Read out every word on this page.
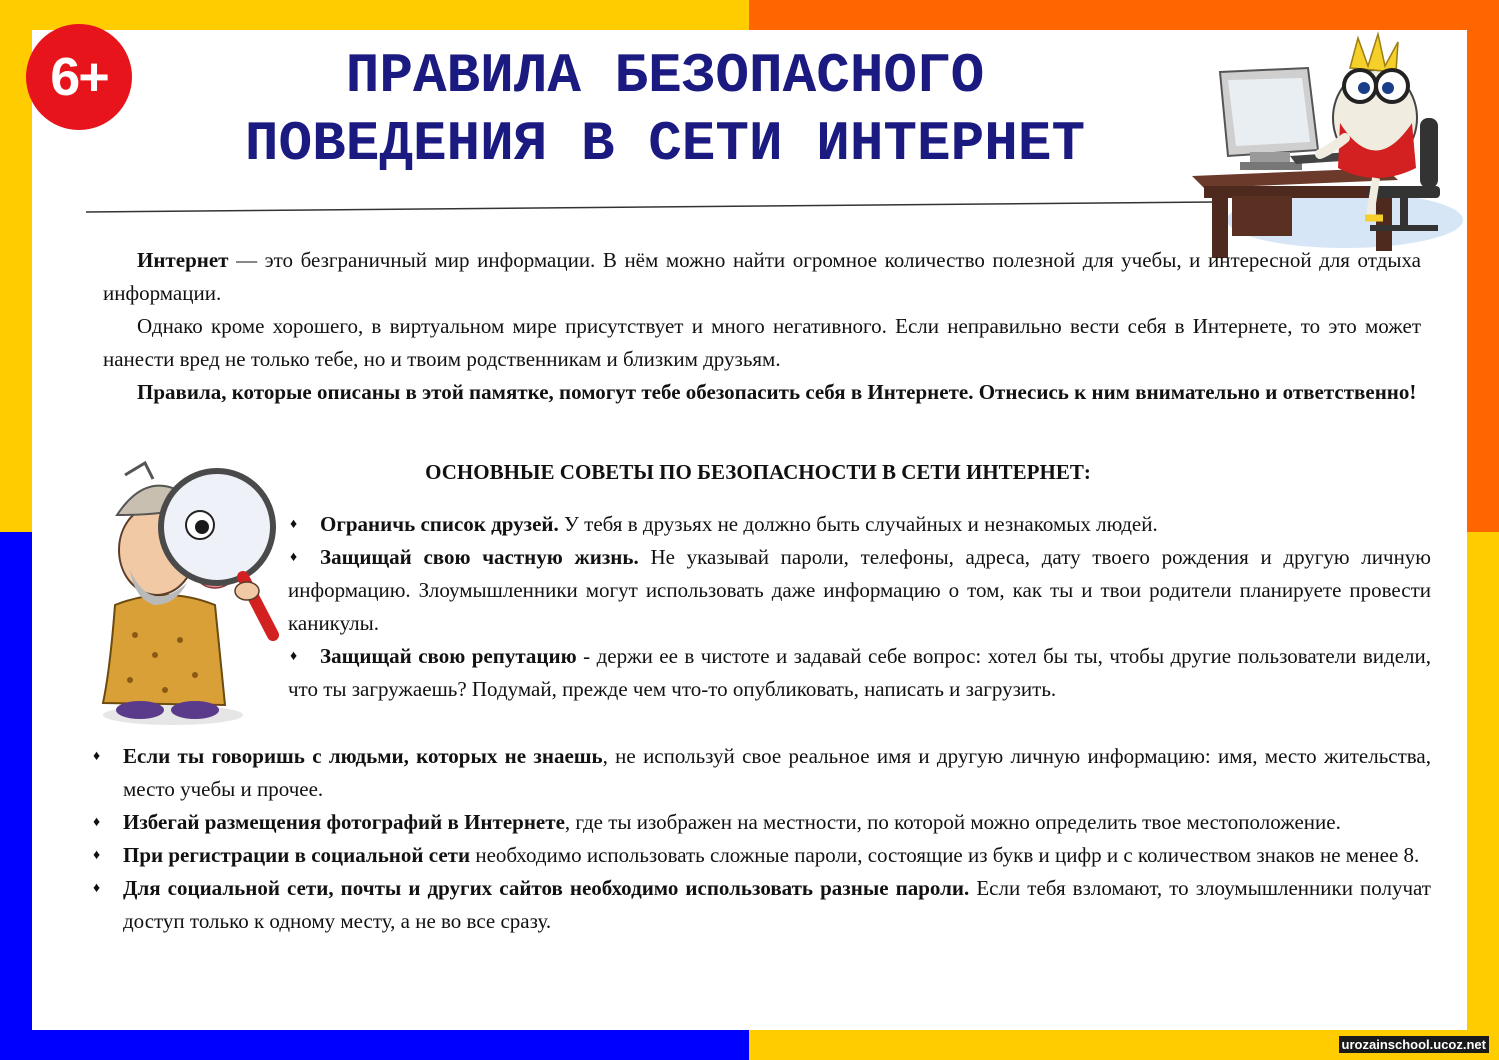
6+	ПРАВИЛА БЕЗОПАСНОГО
ПОВЕДЕНИЯ В СЕТИ ИНТЕРНЕТ

Интернет — это безграничный мир информации. В нём можно найти огромное количество полезной для учебы, и интересной для отдыха информации.

Однако кроме хорошего, в виртуальном мире присутствует и много негативного. Если неправильно вести себя в Интернете, то это может нанести вред не только тебе, но и твоим родственникам и близким друзьям.

Правила, которые описаны в этой памятке, помогут тебе обезопасить себя в Интернете. Отнесись к ним внимательно и ответственно!

ОСНОВНЫЕ СОВЕТЫ ПО БЕЗОПАСНОСТИ В СЕТИ ИНТЕРНЕТ:
♦	Ограничь список друзей. У тебя в друзьях не должно быть случайных и незнакомых людей.
♦	Защищай свою частную жизнь. Не указывай пароли, телефоны, адреса, дату твоего рождения и другую личную информацию. Злоумышленники могут использовать даже информацию о том, как ты и твои родители планируете провести каникулы.
♦	Защищай свою репутацию - держи ее в чистоте и задавай себе вопрос: хотел бы ты, чтобы другие пользователи видели, что ты загружаешь? Подумай, прежде чем что-то опубликовать, написать и загрузить.
♦	Если ты говоришь с людьми, которых не знаешь, не используй свое реальное имя и другую личную информацию: имя, место жительства, место учебы и прочее.
♦	Избегай размещения фотографий в Интернете, где ты изображен на местности, по которой можно определить твое местоположение.
♦	При регистрации в социальной сети необходимо использовать сложные пароли, состоящие из букв и цифр и с количеством знаков не менее 8.
♦	Для социальной сети, почты и других сайтов необходимо использовать разные пароли. Если тебя взломают, то злоумышленники получат доступ только к одному месту, а не во все сразу.
urozainschool.ucoz.net
